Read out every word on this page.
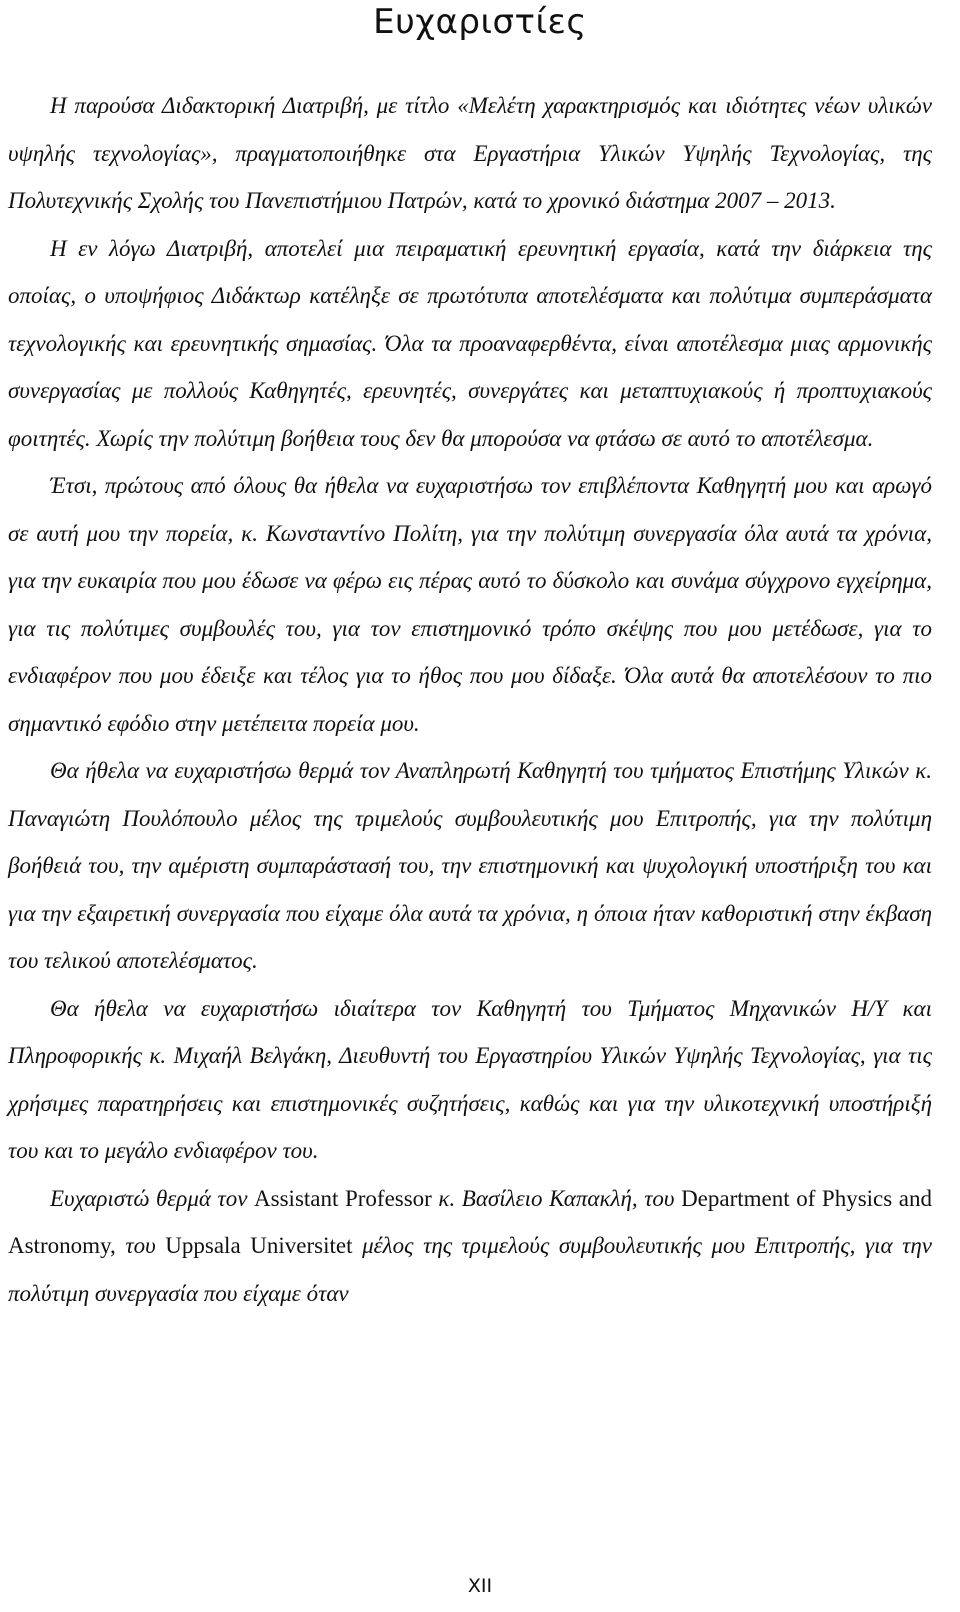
Ευχαριστίες

Η παρούσα Διδακτορική Διατριβή, με τίτλο «Μελέτη χαρακτηρισμός και ιδιότητες νέων υλικών υψηλής τεχνολογίας», πραγματοποιήθηκε στα Εργαστήρια Υλικών Υψηλής Τεχνολογίας, της Πολυτεχνικής Σχολής του Πανεπιστήμιου Πατρών, κατά το χρονικό διάστημα 2007 – 2013.

Η εν λόγω Διατριβή, αποτελεί μια πειραματική ερευνητική εργασία, κατά την διάρκεια της οποίας, ο υποψήφιος Διδάκτωρ κατέληξε σε πρωτότυπα αποτελέσματα και πολύτιμα συμπεράσματα τεχνολογικής και ερευνητικής σημασίας. Όλα τα προαναφερθέντα, είναι αποτέλεσμα μιας αρμονικής συνεργασίας με πολλούς Καθηγητές, ερευνητές, συνεργάτες και μεταπτυχιακούς ή προπτυχιακούς φοιτητές. Χωρίς την πολύτιμη βοήθεια τους δεν θα μπορούσα να φτάσω σε αυτό το αποτέλεσμα.

Έτσι, πρώτους από όλους θα ήθελα να ευχαριστήσω τον επιβλέποντα Καθηγητή μου και αρωγό σε αυτή μου την πορεία, κ. Κωνσταντίνο Πολίτη, για την πολύτιμη συνεργασία όλα αυτά τα χρόνια, για την ευκαιρία που μου έδωσε να φέρω εις πέρας αυτό το δύσκολο και συνάμα σύγχρονο εγχείρημα, για τις πολύτιμες συμβουλές του, για τον επιστημονικό τρόπο σκέψης που μου μετέδωσε, για το ενδιαφέρον που μου έδειξε και τέλος για το ήθος που μου δίδαξε. Όλα αυτά θα αποτελέσουν το πιο σημαντικό εφόδιο στην μετέπειτα πορεία μου.

Θα ήθελα να ευχαριστήσω θερμά τον Αναπληρωτή Καθηγητή του τμήματος Επιστήμης Υλικών κ. Παναγιώτη Πουλόπουλο μέλος της τριμελούς συμβουλευτικής μου Επιτροπής, για την πολύτιμη βοήθειά του, την αμέριστη συμπαράστασή του, την επιστημονική και ψυχολογική υποστήριξη του και για την εξαιρετική συνεργασία που είχαμε όλα αυτά τα χρόνια, η όποια ήταν καθοριστική στην έκβαση του τελικού αποτελέσματος.

Θα ήθελα να ευχαριστήσω ιδιαίτερα τον Καθηγητή του Τμήματος Μηχανικών Η/Υ και Πληροφορικής κ. Μιχαήλ Βελγάκη, Διευθυντή του Εργαστηρίου Υλικών Υψηλής Τεχνολογίας, για τις χρήσιμες παρατηρήσεις και επιστημονικές συζητήσεις, καθώς και για την υλικοτεχνική υποστήριξή του και το μεγάλο ενδιαφέρον του.

Ευχαριστώ θερμά τον Assistant Professor κ. Βασίλειο Καπακλή, του Department of Physics and Astronomy, του Uppsala Universitet μέλος της τριμελούς συμβουλευτικής μου Επιτροπής, για την πολύτιμη συνεργασία που είχαμε όταν

XII
